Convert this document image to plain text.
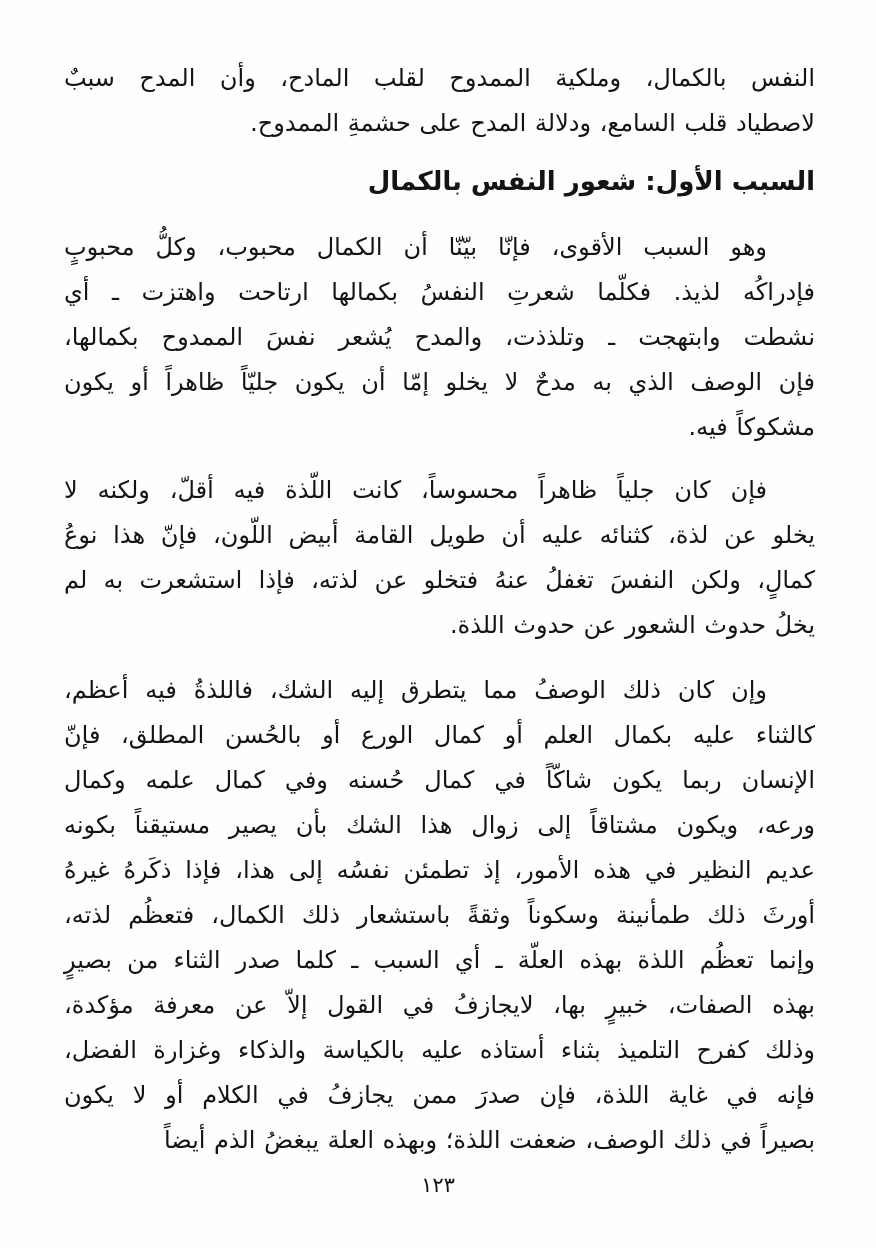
النفس بالكمال، وملكية الممدوح لقلب المادح، وأن المدح سببٌ
لاصطياد قلب السامع، ودلالة المدح على حشمةِ الممدوح.
السبب الأول: شعور النفس بالكمال
وهو السبب الأقوى، فإنّا بيّنّا أن الكمال محبوب، وكلُّ محبوبٍ
فإدراكُه لذيذ. فكلّما شعرتِ النفسُ بكمالها ارتاحت واهتزت ـ أي
نشطت وابتهجت ـ وتلذذت، والمدح يُشعر نفسَ الممدوح بكمالها،
فإن الوصف الذي به مدحٌ لا يخلو إمّا أن يكون جليّاً ظاهراً أو يكون
مشكوكاً فيه.
فإن كان جلياً ظاهراً محسوساً، كانت اللّذة فيه أقلّ، ولكنه لا
يخلو عن لذة، كثنائه عليه أن طويل القامة أبيض اللّون، فإنّ هذا نوعُ
كمالٍ، ولكن النفسَ تغفلُ عنهُ فتخلو عن لذته، فإذا استشعرت به لم
يخلُ حدوث الشعور عن حدوث اللذة.
وإن كان ذلك الوصفُ مما يتطرق إليه الشك، فاللذةُ فيه أعظم،
كالثناء عليه بكمال العلم أو كمال الورع أو بالحُسن المطلق، فإنّ
الإنسان ربما يكون شاكّاً في كمال حُسنه وفي كمال علمه وكمال
ورعه، ويكون مشتاقاً إلى زوال هذا الشك بأن يصير مستيقناً بكونه
عديم النظير في هذه الأمور، إذ تطمئن نفسُه إلى هذا، فإذا ذكَرهُ غيرهُ
أورثَ ذلك طمأنينة وسكوناً وثقةً باستشعار ذلك الكمال، فتعظُم لذته،
وإنما تعظُم اللذة بهذه العلّة ـ أي السبب ـ كلما صدر الثناء من بصيرٍ
بهذه الصفات، خبيرٍ بها، لايجازفُ في القول إلاّ عن معرفة مؤكدة،
وذلك كفرح التلميذ بثناء أستاذه عليه بالكياسة والذكاء وغزارة الفضل،
فإنه في غاية اللذة، فإن صدرَ ممن يجازفُ في الكلام أو لا يكون
بصيراً في ذلك الوصف، ضعفت اللذة؛ وبهذه العلة يبغضُ الذم أيضاً
١٢٣
